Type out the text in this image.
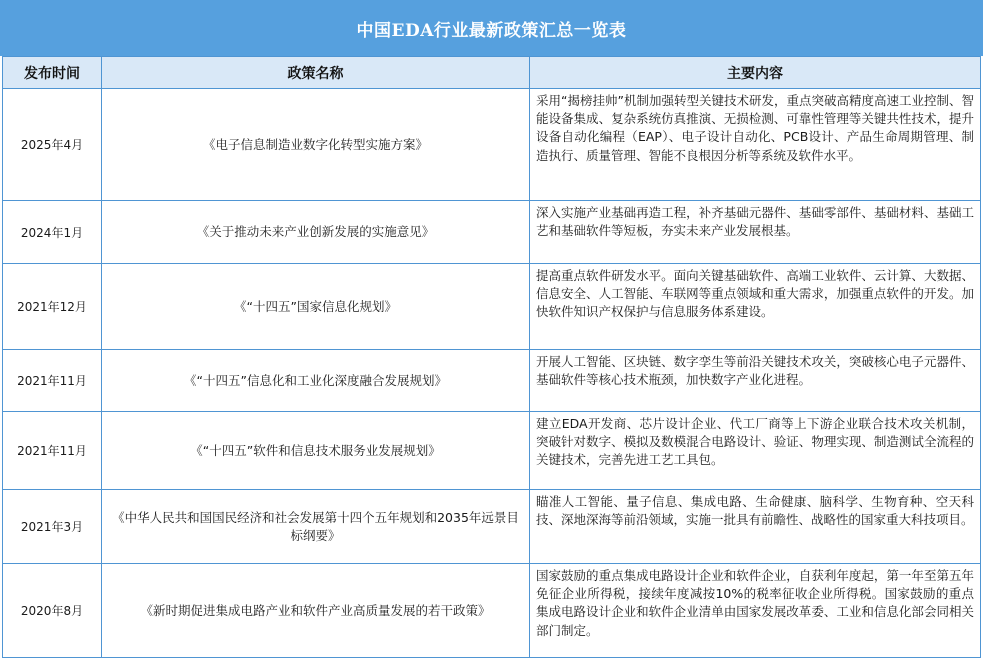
中国EDA行业最新政策汇总一览表
发布时间	政策名称	主要内容
2025年4月	《电子信息制造业数字化转型实施方案》	采用“揭榜挂帅”机制加强转型关键技术研发，重点突破高精度高速工业控制、智能设备集成、复杂系统仿真推演、无损检测、可靠性管理等关键共性技术，提升设备自动化编程（EAP）、电子设计自动化、PCB设计、产品生命周期管理、制造执行、质量管理、智能不良根因分析等系统及软件水平。
2024年1月	《关于推动未来产业创新发展的实施意见》	深入实施产业基础再造工程，补齐基础元器件、基础零部件、基础材料、基础工艺和基础软件等短板，夯实未来产业发展根基。
2021年12月	《“十四五”国家信息化规划》	提高重点软件研发水平。面向关键基础软件、高端工业软件、云计算、大数据、信息安全、人工智能、车联网等重点领域和重大需求，加强重点软件的开发。加快软件知识产权保护与信息服务体系建设。
2021年11月	《“十四五”信息化和工业化深度融合发展规划》	开展人工智能、区块链、数字孪生等前沿关键技术攻关，突破核心电子元器件、基础软件等核心技术瓶颈，加快数字产业化进程。
2021年11月	《“十四五”软件和信息技术服务业发展规划》	建立EDA开发商、芯片设计企业、代工厂商等上下游企业联合技术攻关机制，突破针对数字、模拟及数模混合电路设计、验证、物理实现、制造测试全流程的关键技术，完善先进工艺工具包。
2021年3月	《中华人民共和国国民经济和社会发展第十四个五年规划和2035年远景目标纲要》	瞄准人工智能、量子信息、集成电路、生命健康、脑科学、生物育种、空天科技、深地深海等前沿领域，实施一批具有前瞻性、战略性的国家重大科技项目。
2020年8月	《新时期促进集成电路产业和软件产业高质量发展的若干政策》	国家鼓励的重点集成电路设计企业和软件企业，自获利年度起，第一年至第五年免征企业所得税，接续年度减按10%的税率征收企业所得税。国家鼓励的重点集成电路设计企业和软件企业清单由国家发展改革委、工业和信息化部会同相关部门制定。
